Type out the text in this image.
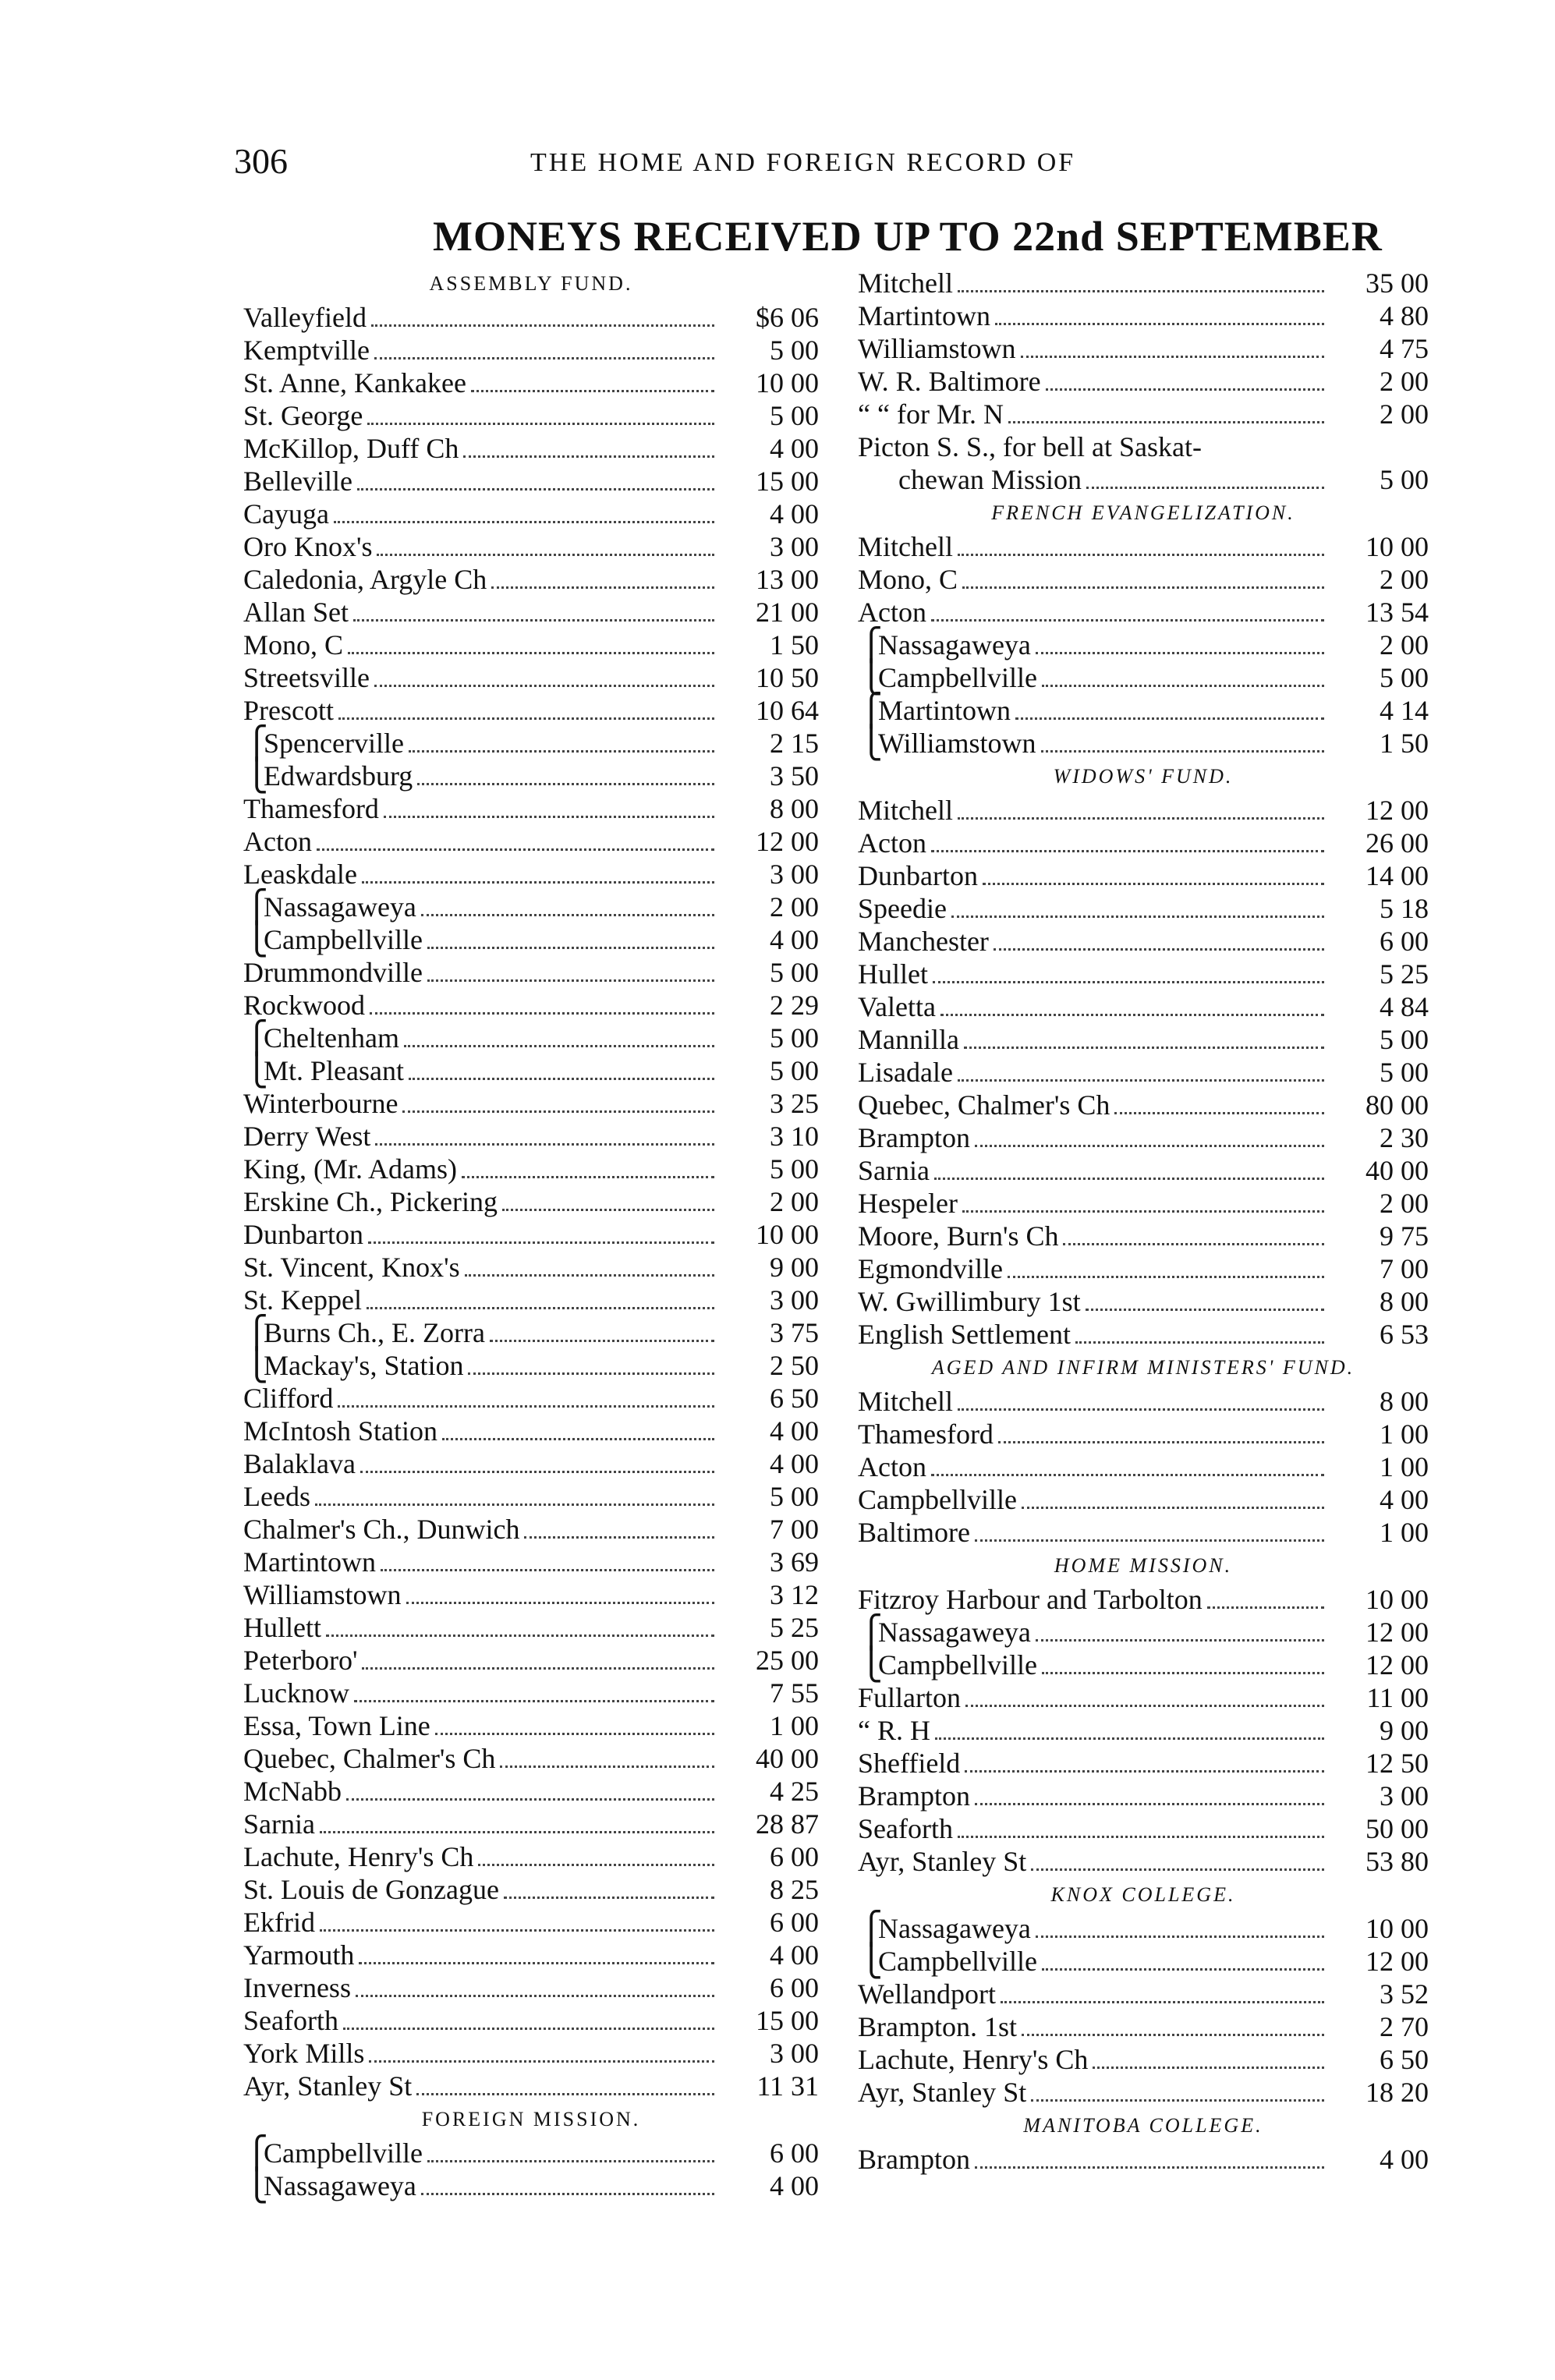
306	THE HOME AND FOREIGN RECORD OF
MONEYS RECEIVED UP TO 22nd SEPTEMBER
ASSEMBLY FUND.
Valleyfield	$6 06
Kemptville	5 00
St. Anne, Kankakee	10 00
St. George	5 00
McKillop, Duff Ch	4 00
Belleville	15 00
Cayuga	4 00
Oro Knox's	3 00
Caledonia, Argyle Ch	13 00
Allan Set	21 00
Mono, C	1 50
Streetsville	10 50
Prescott	10 64
⎧ Spencerville	2 15
⎩ Edwardsburg	3 50
Thamesford	8 00
Acton	12 00
Leaskdale	3 00
⎧ Nassagaweya	2 00
⎩ Campbellville	4 00
Drummondville	5 00
Rockwood	2 29
⎧ Cheltenham	5 00
⎩ Mt. Pleasant	5 00
Winterbourne	3 25
Derry West	3 10
King, (Mr. Adams)	5 00
Erskine Ch., Pickering	2 00
Dunbarton	10 00
St. Vincent, Knox's	9 00
St. Keppel	3 00
⎧ Burns Ch., E. Zorra	3 75
⎩ Mackay's, Station	2 50
Clifford	6 50
McIntosh Station	4 00
Balaklava	4 00
Leeds	5 00
Chalmer's Ch., Dunwich	7 00
Martintown	3 69
Williamstown	3 12
Hullett	5 25
Peterboro'	25 00
Lucknow	7 55
Essa, Town Line	1 00
Quebec, Chalmer's Ch	40 00
McNabb	4 25
Sarnia	28 87
Lachute, Henry's Ch	6 00
St. Louis de Gonzague	8 25
Ekfrid	6 00
Yarmouth	4 00
Inverness	6 00
Seaforth	15 00
York Mills	3 00
Ayr, Stanley St	11 31
FOREIGN MISSION.
⎧ Campbellville	6 00
⎩ Nassagaweya	4 00
Mitchell	35 00
Martintown	4 80
Williamstown	4 75
W. R. Baltimore	2 00
“ “ for Mr. N	2 00
Picton S. S., for bell at Saskat-
chewan Mission	5 00
FRENCH EVANGELIZATION.
Mitchell	10 00
Mono, C	2 00
Acton	13 54
⎧ Nassagaweya	2 00
⎩ Campbellville	5 00
⎧ Martintown	4 14
⎩ Williamstown	1 50
WIDOWS' FUND.
Mitchell	12 00
Acton	26 00
Dunbarton	14 00
Speedie	5 18
Manchester	6 00
Hullet	5 25
Valetta	4 84
Mannilla	5 00
Lisadale	5 00
Quebec, Chalmer's Ch	80 00
Brampton	2 30
Sarnia	40 00
Hespeler	2 00
Moore, Burn's Ch	9 75
Egmondville	7 00
W. Gwillimbury 1st	8 00
English Settlement	6 53
AGED AND INFIRM MINISTERS' FUND.
Mitchell	8 00
Thamesford	1 00
Acton	1 00
Campbellville	4 00
Baltimore	1 00
HOME MISSION.
Fitzroy Harbour and Tarbolton	10 00
⎧ Nassagaweya	12 00
⎩ Campbellville	12 00
Fullarton	11 00
“ R. H	9 00
Sheffield	12 50
Brampton	3 00
Seaforth	50 00
Ayr, Stanley St	53 80
KNOX COLLEGE.
⎧ Nassagaweya	10 00
⎩ Campbellville	12 00
Wellandport	3 52
Brampton. 1st	2 70
Lachute, Henry's Ch	6 50
Ayr, Stanley St	18 20
MANITOBA COLLEGE.
Brampton	4 00
